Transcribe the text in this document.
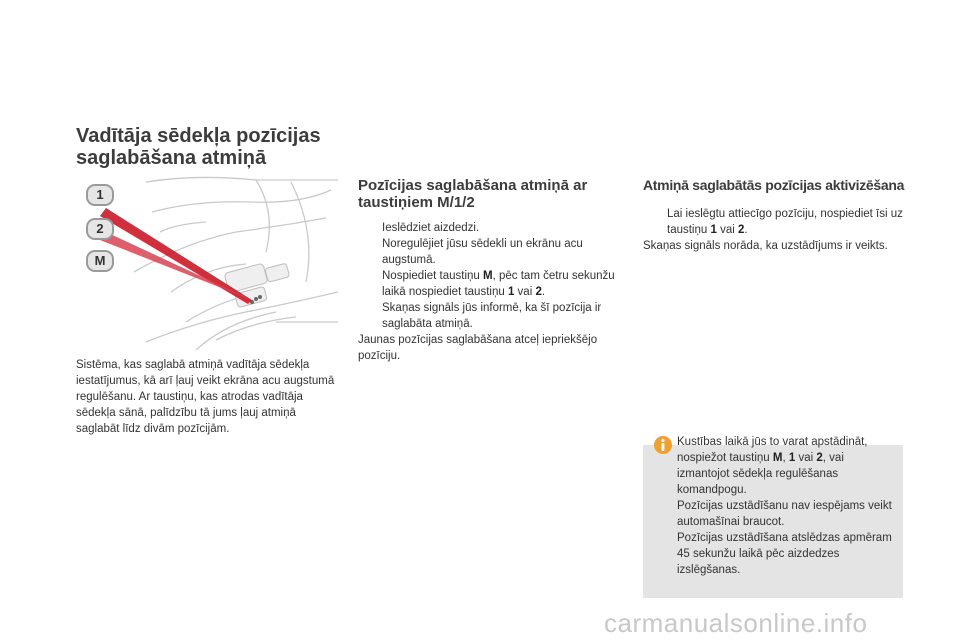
Vadītāja sēdekļa pozīcijas saglabāšana atmiņā
1
2
M

Sistēma, kas saglabā atmiņā vadītāja sēdekļa iestatījumus, kā arī ļauj veikt ekrāna acu augstumā regulēšanu. Ar taustiņu, kas atrodas vadītāja sēdekļa sānā, palīdzību tā jums ļauj atmiņā saglabāt līdz divām pozīcijām.

Pozīcijas saglabāšana atmiņā ar taustiņiem M/1/2
Ieslēdziet aizdedzi.
Noregulējiet jūsu sēdekli un ekrānu acu augstumā.
Nospiediet taustiņu M, pēc tam četru sekunžu laikā nospiediet taustiņu 1 vai 2.
Skaņas signāls jūs informē, ka šī pozīcija ir saglabāta atmiņā.

Jaunas pozīcijas saglabāšana atceļ iepriekšējo pozīciju.

Atmiņā saglabātās pozīcijas aktivizēšana
Lai ieslēgtu attiecīgo pozīciju, nospiediet īsi uz taustiņu 1 vai 2.

Skaņas signāls norāda, ka uzstādījums ir veikts.

Kustības laikā jūs to varat apstādināt, nospiežot taustiņu M, 1 vai 2, vai izmantojot sēdekļa regulēšanas komandpogu.

Pozīcijas uzstādīšanu nav iespējams veikt automašīnai braucot.

Pozīcijas uzstādīšana atslēdzas apmēram 45 sekunžu laikā pēc aizdedzes izslēgšanas.

carmanualsonline.info
